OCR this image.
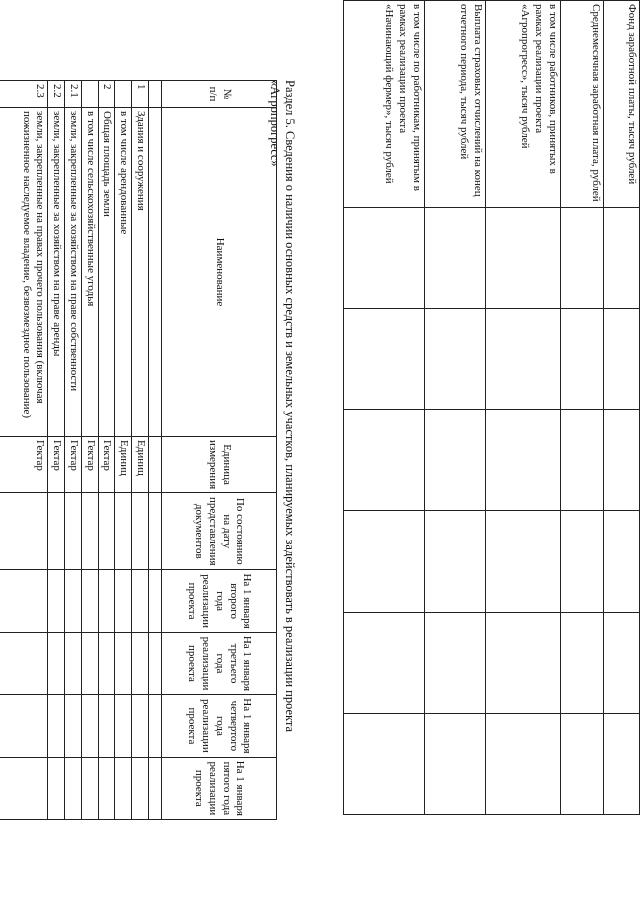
Фонд заработной платы, тысяч рублей						
Среднемесячная заработная плата, рублей						
в том числе работников, принятых в рамках реализации проекта «Агропрогресс», тысяч рублей						
Выплата страховых отчислений на конец отчетного периода, тысяч рублей						
в том числе по работникам, принятым в рамках реализации проекта «Начинающий фермер», тысяч рублей						
Раздел 5. Сведения о наличии основных средств и земельных участков, планируемых задействовать в реализации проекта «Агропрогресс»
№ п/п	Наименование	Единица измерения	По состоянию на дату представления документов	На 1 января второго года реализации проекта	На 1 января третьего года реализации проекта	На 1 января четвертого года реализации проекта	На 1 января пятого года реализации проекта

1	Здания и сооружения	Единиц					
	в том числе арендованные	Единиц					
2	Общая площадь земли	Гектар					
	в том числе сельскохозяйственные угодья	Гектар					
2.1	земли, закрепленные за хозяйством на праве собственности	Гектар					
2.2	земли, закрепленные за хозяйством на праве аренды	Гектар					
2.3	земли, закрепленные на правах прочего пользования (включая пожизненное наследуемое владение, безвозмездное пользование)	Гектар					
